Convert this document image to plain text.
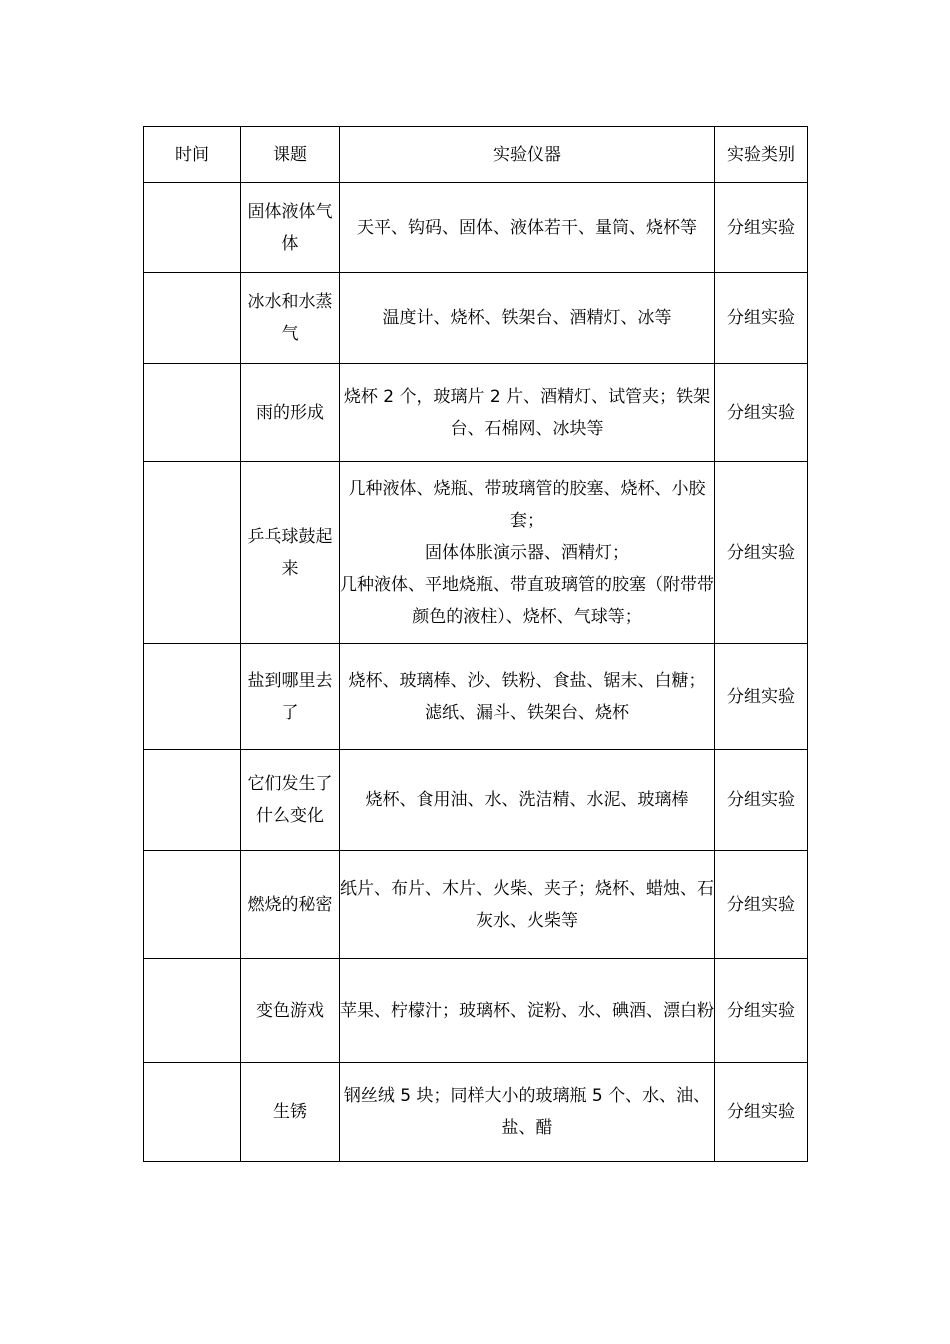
时间	课题	实验仪器	实验类别
	固体液体气体	天平、钩码、固体、液体若干、量筒、烧杯等	分组实验
	冰水和水蒸气	温度计、烧杯、铁架台、酒精灯、冰等	分组实验
	雨的形成	烧杯 2 个，玻璃片 2 片、酒精灯、试管夹；铁架台、石棉网、冰块等	分组实验
	乒乓球鼓起来	几种液体、烧瓶、带玻璃管的胶塞、烧杯、小胶套；
固体体胀演示器、酒精灯；
几种液体、平地烧瓶、带直玻璃管的胶塞（附带带颜色的液柱）、烧杯、气球等；	分组实验
	盐到哪里去了	烧杯、玻璃棒、沙、铁粉、食盐、锯末、白糖；
滤纸、漏斗、铁架台、烧杯	分组实验
	它们发生了什么变化	烧杯、食用油、水、洗洁精、水泥、玻璃棒	分组实验
	燃烧的秘密	纸片、布片、木片、火柴、夹子；烧杯、蜡烛、石灰水、火柴等	分组实验
	变色游戏	苹果、柠檬汁；玻璃杯、淀粉、水、碘酒、漂白粉	分组实验
	生锈	钢丝绒 5 块；同样大小的玻璃瓶 5 个、水、油、盐、醋	分组实验
